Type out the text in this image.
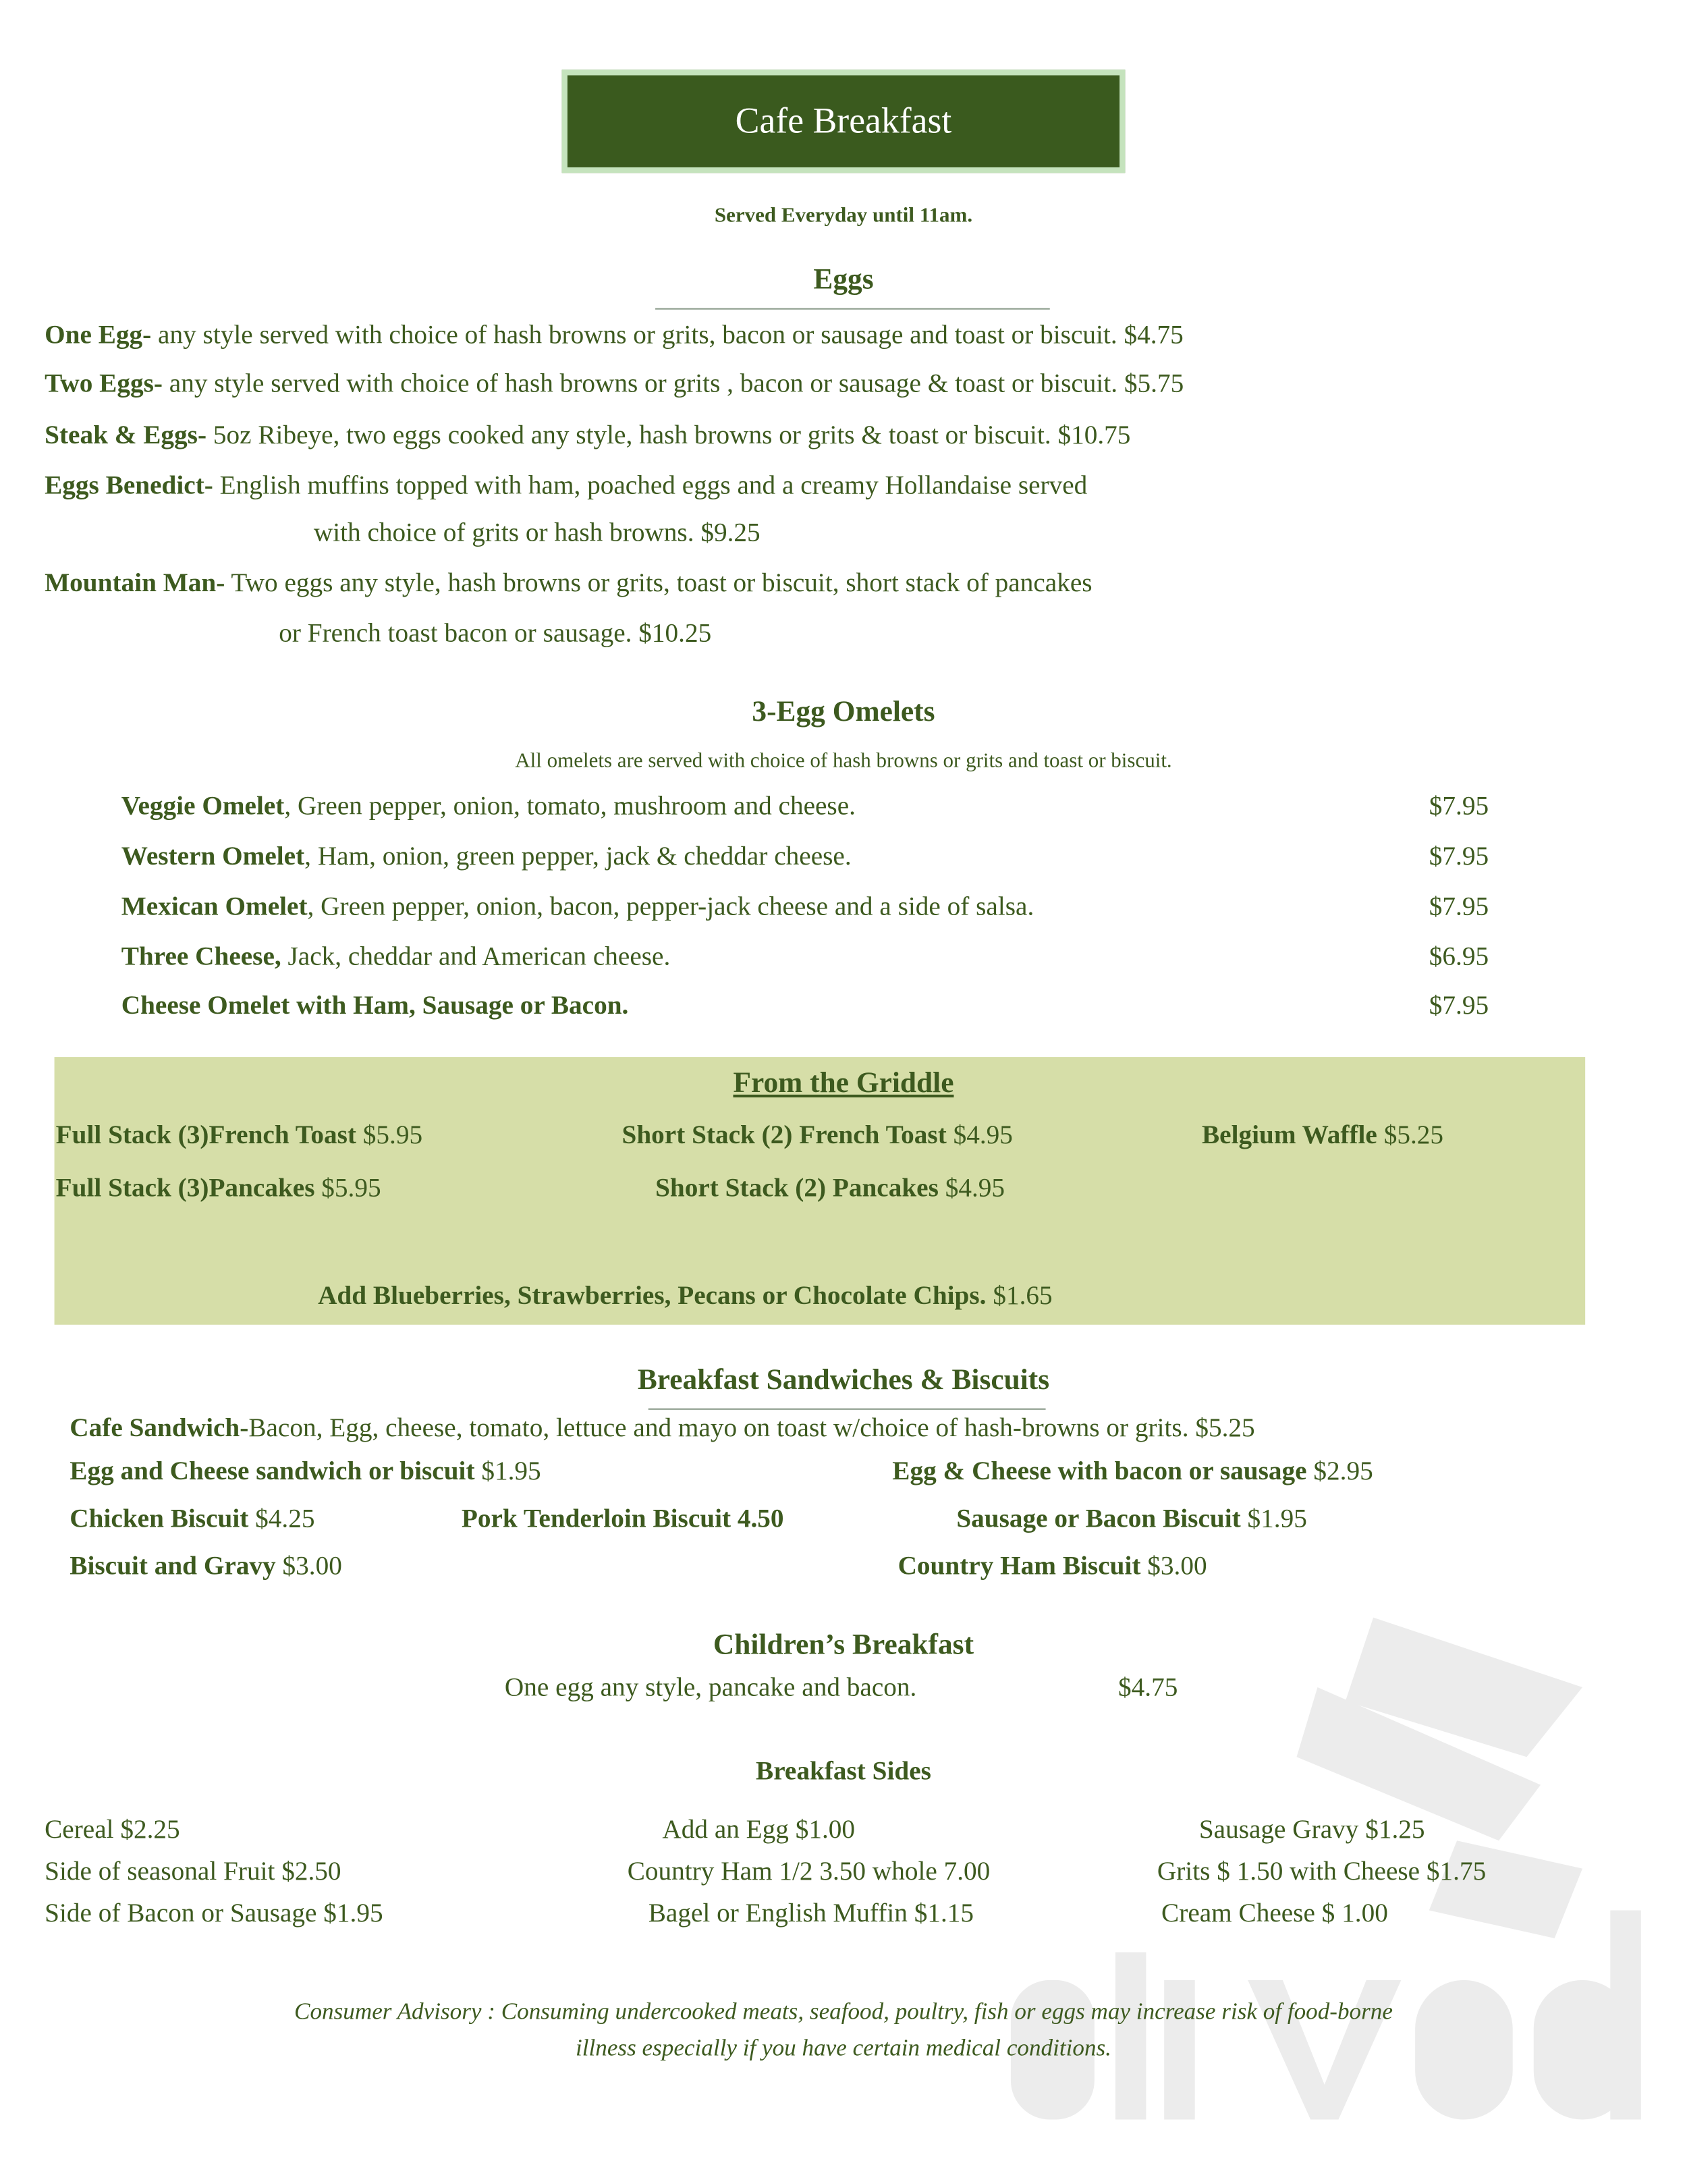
Cafe Breakfast
Served Everyday until 11am.
Eggs
One Egg- any style served with choice of hash browns or grits, bacon or sausage and toast or biscuit. $4.75
Two Eggs- any style served with choice of hash browns or grits , bacon or sausage & toast or biscuit. $5.75
Steak & Eggs- 5oz Ribeye, two eggs cooked any style, hash browns or grits & toast or biscuit. $10.75
Eggs Benedict- English muffins topped with ham, poached eggs and a creamy Hollandaise served
with choice of grits or hash browns. $9.25
Mountain Man- Two eggs any style, hash browns or grits, toast or biscuit, short stack of pancakes
or French toast bacon or sausage. $10.25
3-Egg Omelets
All omelets are served with choice of hash browns or grits and toast or biscuit.
Veggie Omelet, Green pepper, onion, tomato, mushroom and cheese.	$7.95
Western Omelet, Ham, onion, green pepper, jack & cheddar cheese.	$7.95
Mexican Omelet, Green pepper, onion, bacon, pepper-jack cheese and a side of salsa.	$7.95
Three Cheese, Jack, cheddar and American cheese.	$6.95
Cheese Omelet with Ham, Sausage or Bacon.	$7.95
From the Griddle
Full Stack (3)French Toast $5.95	Short Stack (2) French Toast $4.95	Belgium Waffle $5.25
Full Stack (3)Pancakes $5.95	Short Stack (2) Pancakes $4.95
Add Blueberries, Strawberries, Pecans or Chocolate Chips. $1.65
Breakfast Sandwiches & Biscuits
Cafe Sandwich-Bacon, Egg, cheese, tomato, lettuce and mayo on toast w/choice of hash-browns or grits. $5.25
Egg and Cheese sandwich or biscuit $1.95	Egg & Cheese with bacon or sausage $2.95
Chicken Biscuit $4.25	Pork Tenderloin Biscuit 4.50	Sausage or Bacon Biscuit $1.95
Biscuit and Gravy $3.00	Country Ham Biscuit $3.00
Children’s Breakfast
One egg any style, pancake and bacon.	$4.75
Breakfast Sides
Cereal $2.25	Add an Egg $1.00	Sausage Gravy $1.25
Side of seasonal Fruit $2.50	Country Ham 1/2 3.50 whole 7.00	Grits $ 1.50 with Cheese $1.75
Side of Bacon or Sausage $1.95	Bagel or English Muffin $1.15	Cream Cheese $ 1.00
Consumer Advisory : Consuming undercooked meats, seafood, poultry, fish or eggs may increase risk of food-borne
illness especially if you have certain medical conditions.
